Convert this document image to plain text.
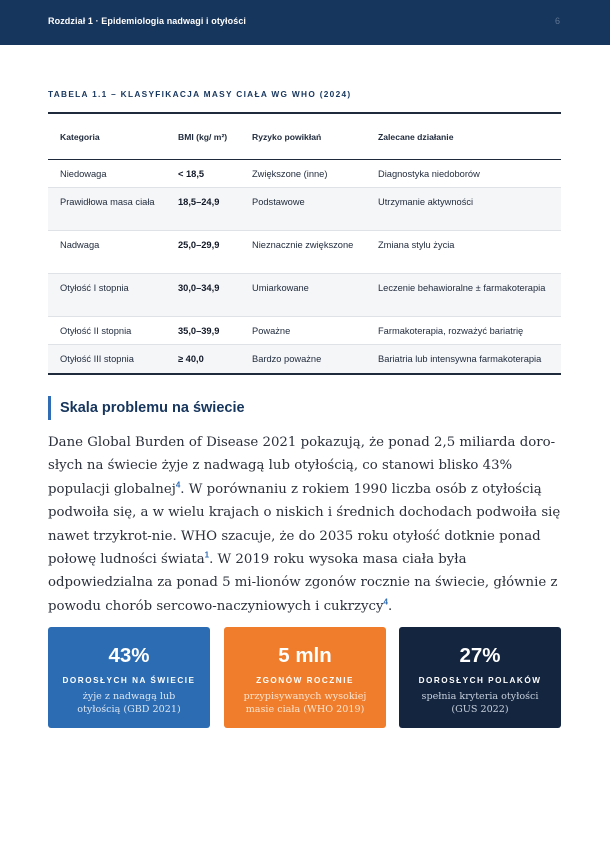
Rozdział 1 · Epidemiologia nadwagi i otyłości	6
TABELA 1.1 – KLASYFIKACJA MASY CIAŁA WG WHO (2024)
Kategoria	BMI (kg/ m²)	Ryzyko powikłań	Zalecane działanie
Niedowaga	< 18,5	Zwiększone (inne)	Diagnostyka niedoborów
Prawidłowa masa ciała	18,5–24,9	Podstawowe	Utrzymanie aktywności
Nadwaga	25,0–29,9	Nieznacznie zwiększone	Zmiana stylu życia
Otyłość I stopnia	30,0–34,9	Umiarkowane	Leczenie behawioralne ± farmakoterapia
Otyłość II stopnia	35,0–39,9	Poważne	Farmakoterapia, rozważyć bariatrię
Otyłość III stopnia	≥ 40,0	Bardzo poważne	Bariatria lub intensywna farmakoterapia
Skala problemu na świecie
Dane Global Burden of Disease 2021 pokazują, że ponad 2,5 miliarda doro-słych na świecie żyje z nadwagą lub otyłością, co stanowi blisko 43% populacji globalnej$^4$. W porównaniu z rokiem 1990 liczba osób z otyłością podwoiła się, a w wielu krajach o niskich i średnich dochodach podwoiła się nawet trzykrot-nie. WHO szacuje, że do 2035 roku otyłość dotknie ponad połowę ludności świata$^1$. W 2019 roku wysoka masa ciała była odpowiedzialna za ponad 5 mi-lionów zgonów rocznie na świecie, głównie z powodu chorób sercowo-naczyniowych i cukrzycy$^4$.
43%
DOROSŁYCH NA ŚWIECIE
żyje z nadwagą lub otyłością (GBD 2021)
5 mln
ZGONÓW ROCZNIE
przypisywanych wysokiej masie ciała (WHO 2019)
27%
DOROSŁYCH POLAKÓW
spełnia kryteria otyłości (GUS 2022)
